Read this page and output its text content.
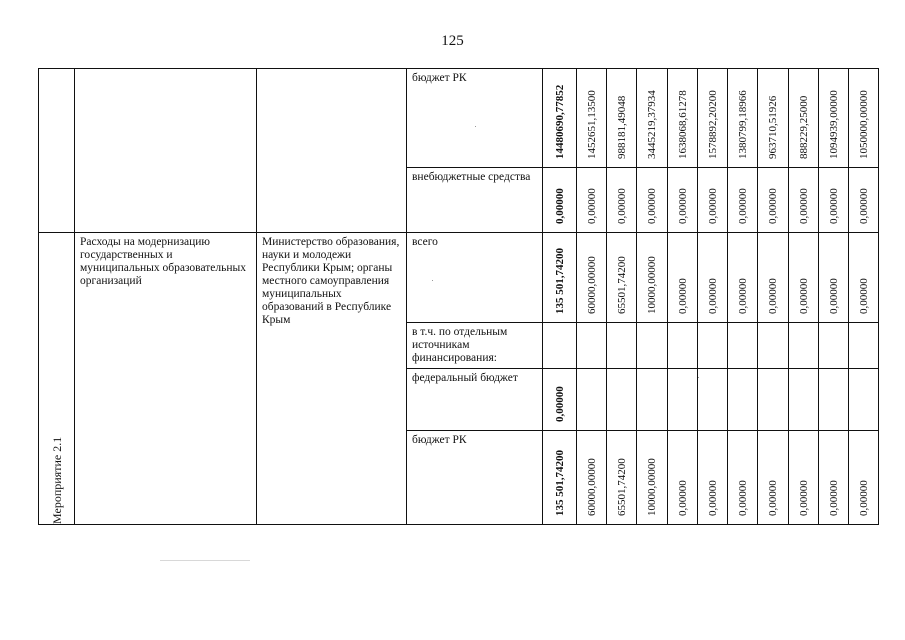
125

			бюджет РК	14480690,77852	1452651,13500	988181,49048	3445219,37934	1638068,61278	1578892,20200	1380799,18966	963710,51926	888229,25000	1094939,00000	1050000,00000

			внебюджетные средства	0,00000	0,00000	0,00000	0,00000	0,00000	0,00000	0,00000	0,00000	0,00000	0,00000	0,00000

Мероприятие 2.1	Расходы на модернизацию государственных и муниципальных образовательных организаций	Министерство образования, науки и молодежи Республики Крым; органы местного самоуправления муниципальных образований в Республике Крым	всего	135 501,74200	60000,00000	65501,74200	10000,00000	0,00000	0,00000	0,00000	0,00000	0,00000	0,00000	0,00000

			в т.ч. по отдельным источникам финансирования:											

			федеральный бюджет	0,00000										

			бюджет РК	135 501,74200	60000,00000	65501,74200	10000,00000	0,00000	0,00000	0,00000	0,00000	0,00000	0,00000	0,00000
